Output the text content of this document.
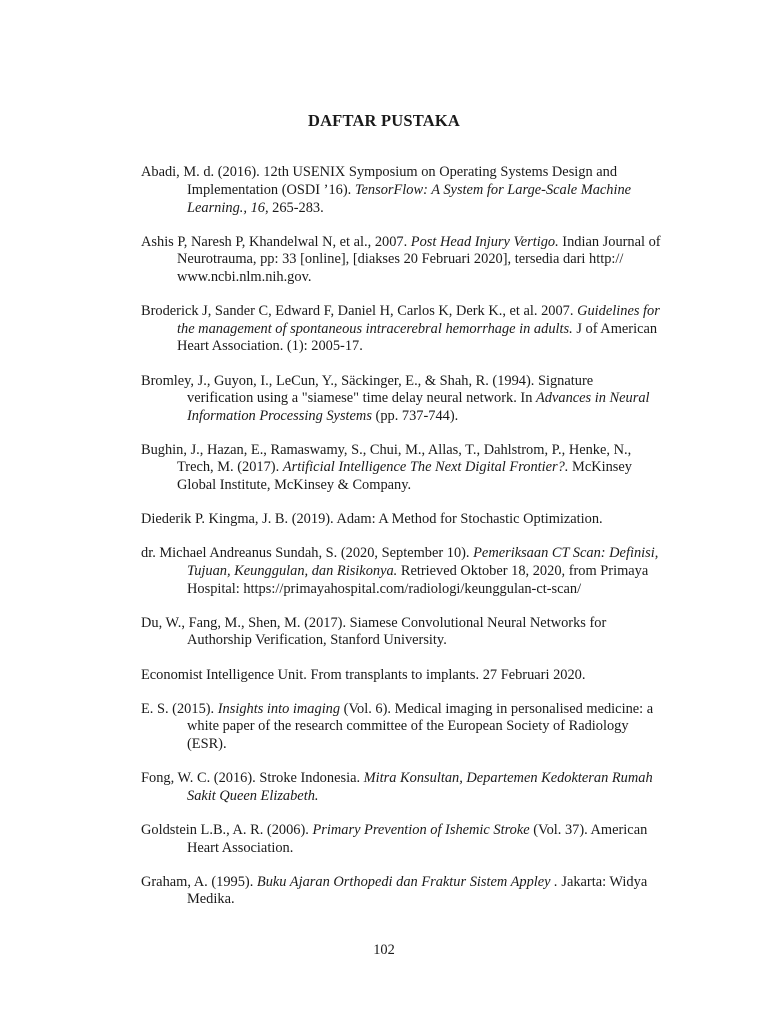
DAFTAR PUSTAKA

Abadi, M. d. (2016). 12th USENIX Symposium on Operating Systems Design and Implementation (OSDI ’16). TensorFlow: A System for Large-Scale Machine Learning., 16, 265-283.

Ashis P, Naresh P, Khandelwal N, et al., 2007. Post Head Injury Vertigo. Indian Journal of Neurotrauma, pp: 33 [online], [diakses 20 Februari 2020], tersedia dari http:// www.ncbi.nlm.nih.gov.

Broderick J, Sander C, Edward F, Daniel H, Carlos K, Derk K., et al. 2007. Guidelines for the management of spontaneous intracerebral hemorrhage in adults. J of American Heart Association. (1): 2005-17.

Bromley, J., Guyon, I., LeCun, Y., Säckinger, E., & Shah, R. (1994). Signature verification using a "siamese" time delay neural network. In Advances in Neural Information Processing Systems (pp. 737-744).

Bughin, J., Hazan, E., Ramaswamy, S., Chui, M., Allas, T., Dahlstrom, P., Henke, N., Trech, M. (2017). Artificial Intelligence The Next Digital Frontier?. McKinsey Global Institute, McKinsey & Company.

Diederik P. Kingma, J. B. (2019). Adam: A Method for Stochastic Optimization.

dr. Michael Andreanus Sundah, S. (2020, September 10). Pemeriksaan CT Scan: Definisi, Tujuan, Keunggulan, dan Risikonya. Retrieved Oktober 18, 2020, from Primaya Hospital: https://primayahospital.com/radiologi/keunggulan-ct-scan/

Du, W., Fang, M., Shen, M. (2017). Siamese Convolutional Neural Networks for Authorship Verification, Stanford University.

Economist Intelligence Unit. From transplants to implants. 27 Februari 2020.

E. S. (2015). Insights into imaging (Vol. 6). Medical imaging in personalised medicine: a white paper of the research committee of the European Society of Radiology (ESR).

Fong, W. C. (2016). Stroke Indonesia. Mitra Konsultan, Departemen Kedokteran Rumah Sakit Queen Elizabeth.

Goldstein L.B., A. R. (2006). Primary Prevention of Ishemic Stroke (Vol. 37). American Heart Association.

Graham, A. (1995). Buku Ajaran Orthopedi dan Fraktur Sistem Appley . Jakarta: Widya Medika.

102
